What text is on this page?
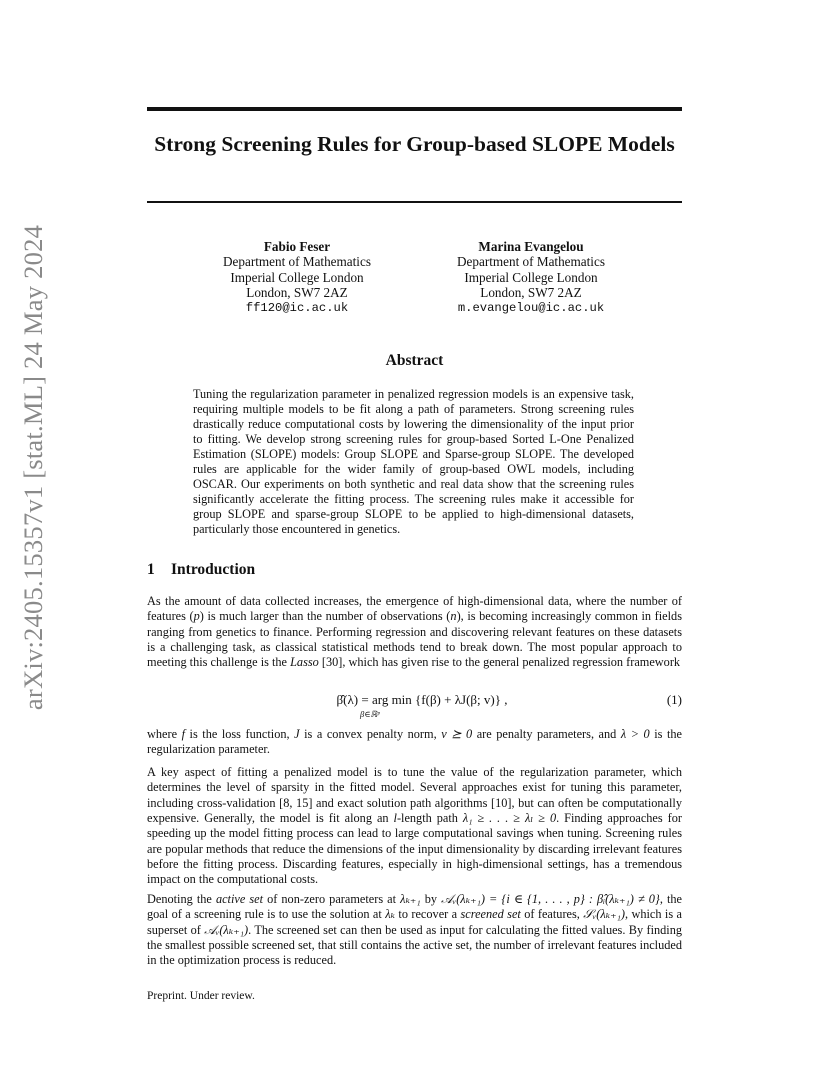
arXiv:2405.15357v1 [stat.ML] 24 May 2024
Strong Screening Rules for Group-based SLOPE Models
Fabio Feser
Department of Mathematics
Imperial College London
London, SW7 2AZ
ff120@ic.ac.uk
Marina Evangelou
Department of Mathematics
Imperial College London
London, SW7 2AZ
m.evangelou@ic.ac.uk
Abstract
Tuning the regularization parameter in penalized regression models is an expensive task, requiring multiple models to be fit along a path of parameters. Strong screening rules drastically reduce computational costs by lowering the dimensionality of the input prior to fitting. We develop strong screening rules for group-based Sorted L-One Penalized Estimation (SLOPE) models: Group SLOPE and Sparse-group SLOPE. The developed rules are applicable for the wider family of group-based OWL models, including OSCAR. Our experiments on both synthetic and real data show that the screening rules significantly accelerate the fitting process. The screening rules make it accessible for group SLOPE and sparse-group SLOPE to be applied to high-dimensional datasets, particularly those encountered in genetics.
1 Introduction
As the amount of data collected increases, the emergence of high-dimensional data, where the number of features (p) is much larger than the number of observations (n), is becoming increasingly common in fields ranging from genetics to finance. Performing regression and discovering relevant features on these datasets is a challenging task, as classical statistical methods tend to break down. The most popular approach to meeting this challenge is the Lasso [30], which has given rise to the general penalized regression framework
β̂(λ) = arg min {f(β) + λJ(β; v)} ,
β∈ℝᵖ
(1)
where f is the loss function, J is a convex penalty norm, v ⪰ 0 are penalty parameters, and λ > 0 is the regularization parameter.
A key aspect of fitting a penalized model is to tune the value of the regularization parameter, which determines the level of sparsity in the fitted model. Several approaches exist for tuning this parameter, including cross-validation [8, 15] and exact solution path algorithms [10], but can often be computationally expensive. Generally, the model is fit along an l-length path λ₁ ≥ . . . ≥ λₗ ≥ 0. Finding approaches for speeding up the model fitting process can lead to large computational savings when tuning. Screening rules are popular methods that reduce the dimensions of the input dimensionality by discarding irrelevant features before the fitting process. Discarding features, especially in high-dimensional settings, has a tremendous impact on the computational costs.
Denoting the active set of non-zero parameters at λₖ₊₁ by 𝒜ᵥ(λₖ₊₁) = {i ∈ {1, . . . , p} : β̂ᵢ(λₖ₊₁) ≠ 0}, the goal of a screening rule is to use the solution at λₖ to recover a screened set of features, 𝒮ᵥ(λₖ₊₁), which is a superset of 𝒜ᵥ(λₖ₊₁). The screened set can then be used as input for calculating the fitted values. By finding the smallest possible screened set, that still contains the active set, the number of irrelevant features included in the optimization process is reduced.
Preprint. Under review.
